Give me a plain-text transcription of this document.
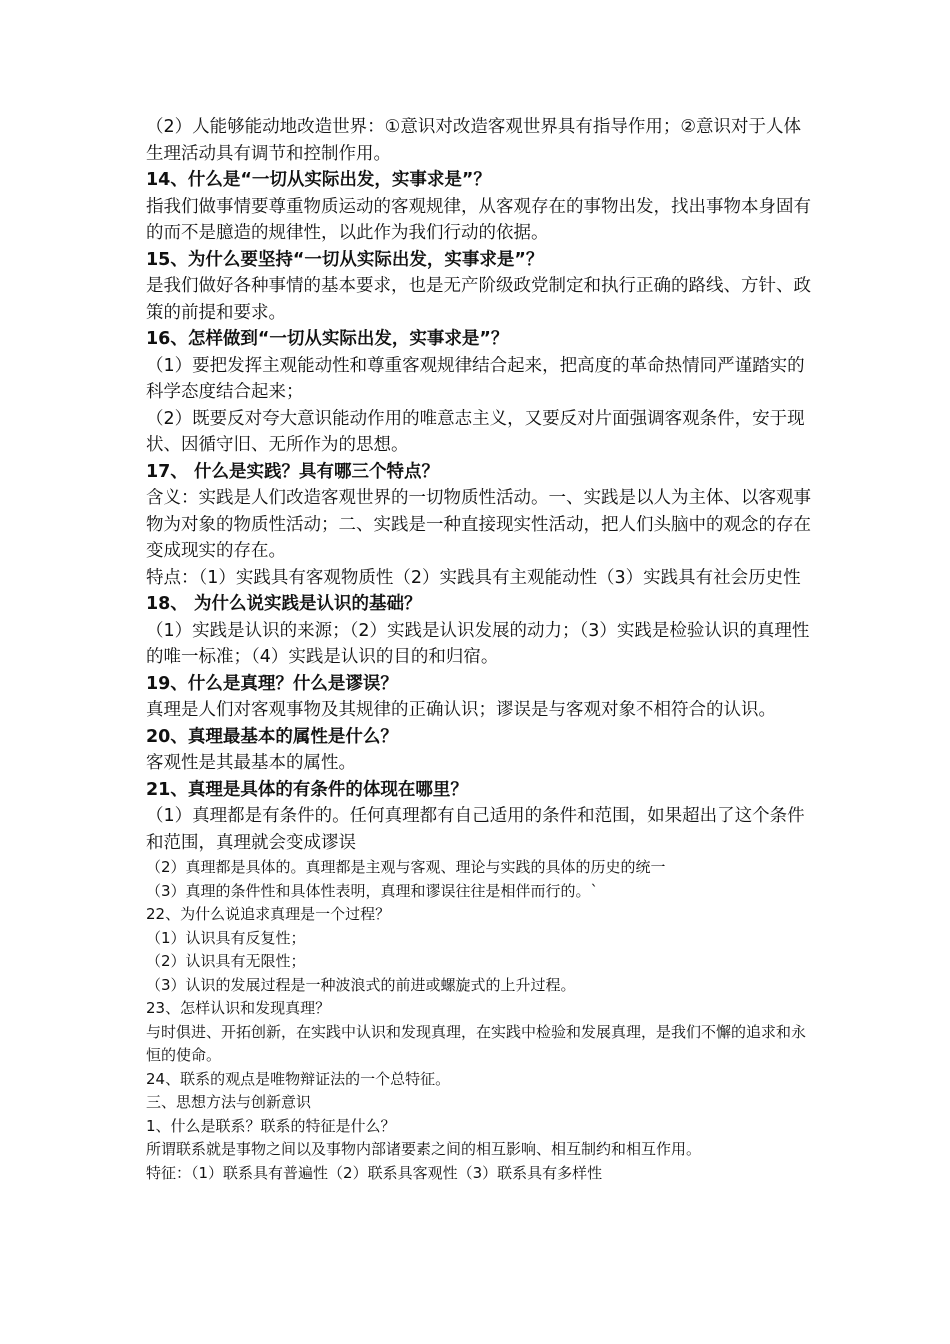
（2）人能够能动地改造世界：①意识对改造客观世界具有指导作用；②意识对于人体生理活动具有调节和控制作用。
14、什么是“一切从实际出发，实事求是”？
指我们做事情要尊重物质运动的客观规律，从客观存在的事物出发，找出事物本身固有的而不是臆造的规律性，以此作为我们行动的依据。
15、为什么要坚持“一切从实际出发，实事求是”？
是我们做好各种事情的基本要求，也是无产阶级政党制定和执行正确的路线、方针、政策的前提和要求。
16、怎样做到“一切从实际出发，实事求是”？
（1）要把发挥主观能动性和尊重客观规律结合起来，把高度的革命热情同严谨踏实的科学态度结合起来；
（2）既要反对夸大意识能动作用的唯意志主义，又要反对片面强调客观条件，安于现状、因循守旧、无所作为的思想。
17、 什么是实践？具有哪三个特点？
含义：实践是人们改造客观世界的一切物质性活动。一、实践是以人为主体、以客观事物为对象的物质性活动；二、实践是一种直接现实性活动，把人们头脑中的观念的存在变成现实的存在。
特点：（1）实践具有客观物质性（2）实践具有主观能动性（3）实践具有社会历史性
18、 为什么说实践是认识的基础？
（1）实践是认识的来源；（2）实践是认识发展的动力；（3）实践是检验认识的真理性的唯一标准；（4）实践是认识的目的和归宿。
19、什么是真理？什么是谬误？
真理是人们对客观事物及其规律的正确认识；谬误是与客观对象不相符合的认识。
20、真理最基本的属性是什么？
客观性是其最基本的属性。
21、真理是具体的有条件的体现在哪里？
（1）真理都是有条件的。任何真理都有自己适用的条件和范围，如果超出了这个条件和范围，真理就会变成谬误
（2）真理都是具体的。真理都是主观与客观、理论与实践的具体的历史的统一
（3）真理的条件性和具体性表明，真理和谬误往往是相伴而行的。`
22、为什么说追求真理是一个过程？
（1）认识具有反复性；
（2）认识具有无限性；
（3）认识的发展过程是一种波浪式的前进或螺旋式的上升过程。
23、怎样认识和发现真理？
与时俱进、开拓创新，在实践中认识和发现真理，在实践中检验和发展真理，是我们不懈的追求和永恒的使命。
24、联系的观点是唯物辩证法的一个总特征。
三、思想方法与创新意识
1、什么是联系？联系的特征是什么？
所谓联系就是事物之间以及事物内部诸要素之间的相互影响、相互制约和相互作用。
特征：（1）联系具有普遍性（2）联系具客观性（3）联系具有多样性
